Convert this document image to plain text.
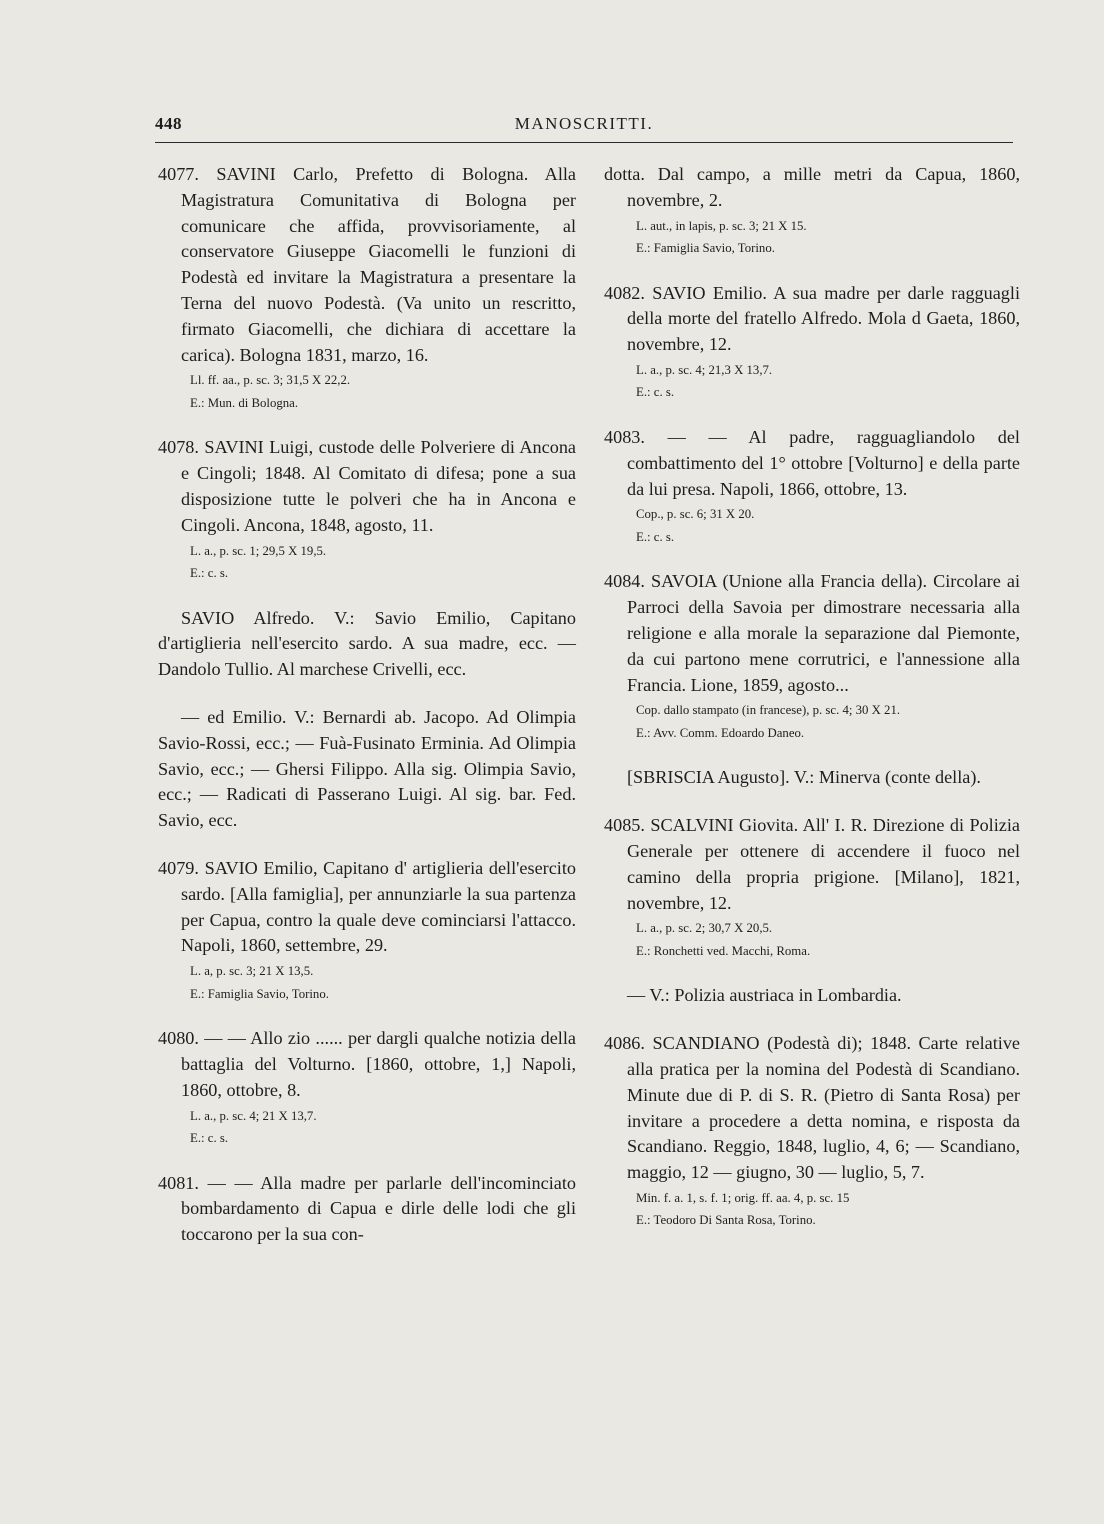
448	MANOSCRITTI.
4077. SAVINI Carlo, Prefetto di Bologna. Alla Magistratura Comunitativa di Bologna per comunicare che affida, provvisoriamente, al conservatore Giuseppe Giacomelli le funzioni di Podestà ed invitare la Magistratura a presentare la Terna del nuovo Podestà. (Va unito un rescritto, firmato Giacomelli, che dichiara di accettare la carica). Bologna 1831, marzo, 16.
Ll. ff. aa., p. sc. 3; 31,5 X 22,2.
E.: Mun. di Bologna.
4078. SAVINI Luigi, custode delle Polveriere di Ancona e Cingoli; 1848. Al Comitato di difesa; pone a sua disposizione tutte le polveri che ha in Ancona e Cingoli. Ancona, 1848, agosto, 11.
L. a., p. sc. 1; 29,5 X 19,5.
E.: c. s.
SAVIO Alfredo. V.: Savio Emilio, Capitano d'artiglieria nell'esercito sardo. A sua madre, ecc. — Dandolo Tullio. Al marchese Crivelli, ecc.
— ed Emilio. V.: Bernardi ab. Jacopo. Ad Olimpia Savio-Rossi, ecc.; — Fuà-Fusinato Erminia. Ad Olimpia Savio, ecc.; — Ghersi Filippo. Alla sig. Olimpia Savio, ecc.; — Radicati di Passerano Luigi. Al sig. bar. Fed. Savio, ecc.
4079. SAVIO Emilio, Capitano d' artiglieria dell'esercito sardo. [Alla famiglia], per annunziarle la sua partenza per Capua, contro la quale deve cominciarsi l'attacco. Napoli, 1860, settembre, 29.
L. a, p. sc. 3; 21 X 13,5.
E.: Famiglia Savio, Torino.
4080. — — Allo zio ...... per dargli qualche notizia della battaglia del Volturno. [1860, ottobre, 1,] Napoli, 1860, ottobre, 8.
L. a., p. sc. 4; 21 X 13,7.
E.: c. s.
4081. — — Alla madre per parlarle dell'incominciato bombardamento di Capua e dirle delle lodi che gli toccarono per la sua con-
dotta. Dal campo, a mille metri da Capua, 1860, novembre, 2.
L. aut., in lapis, p. sc. 3; 21 X 15.
E.: Famiglia Savio, Torino.
4082. SAVIO Emilio. A sua madre per darle ragguagli della morte del fratello Alfredo. Mola d Gaeta, 1860, novembre, 12.
L. a., p. sc. 4; 21,3 X 13,7.
E.: c. s.
4083. — — Al padre, ragguagliandolo del combattimento del 1° ottobre [Volturno] e della parte da lui presa. Napoli, 1866, ottobre, 13.
Cop., p. sc. 6; 31 X 20.
E.: c. s.
4084. SAVOIA (Unione alla Francia della). Circolare ai Parroci della Savoia per dimostrare necessaria alla religione e alla morale la separazione dal Piemonte, da cui partono mene corrutrici, e l'annessione alla Francia. Lione, 1859, agosto...
Cop. dallo stampato (in francese), p. sc. 4; 30 X 21.
E.: Avv. Comm. Edoardo Daneo.
[SBRISCIA Augusto]. V.: Minerva (conte della).
4085. SCALVINI Giovita. All' I. R. Direzione di Polizia Generale per ottenere di accendere il fuoco nel camino della propria prigione. [Milano], 1821, novembre, 12.
L. a., p. sc. 2; 30,7 X 20,5.
E.: Ronchetti ved. Macchi, Roma.
— V.: Polizia austriaca in Lombardia.
4086. SCANDIANO (Podestà di); 1848. Carte relative alla pratica per la nomina del Podestà di Scandiano. Minute due di P. di S. R. (Pietro di Santa Rosa) per invitare a procedere a detta nomina, e risposta da Scandiano. Reggio, 1848, luglio, 4, 6; — Scandiano, maggio, 12 — giugno, 30 — luglio, 5, 7.
Min. f. a. 1, s. f. 1; orig. ff. aa. 4, p. sc. 15
E.: Teodoro Di Santa Rosa, Torino.
